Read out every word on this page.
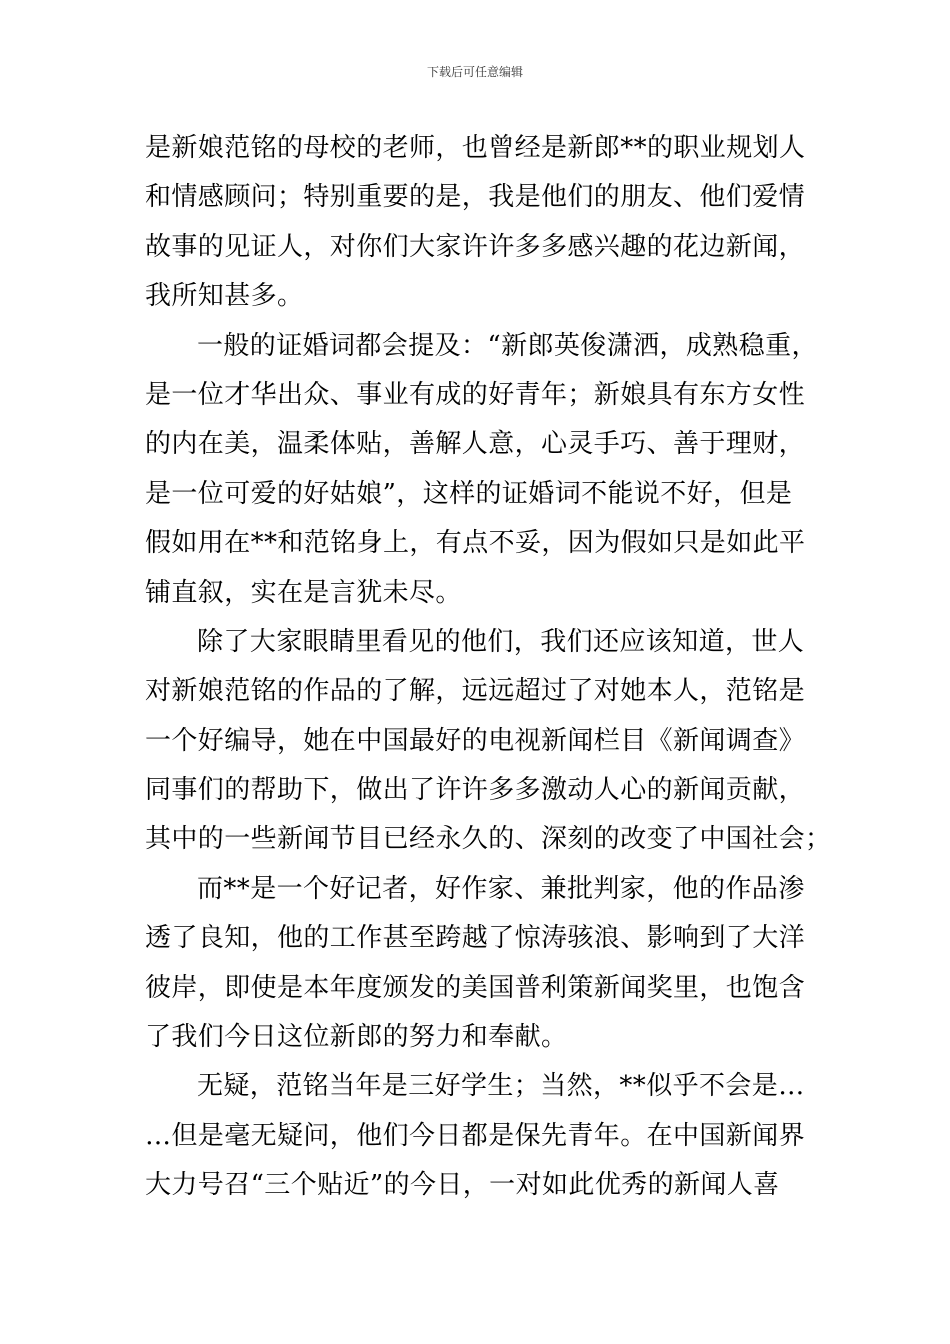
下载后可任意编辑
是新娘范铭的母校的老师，也曾经是新郎**的职业规划人
和情感顾问；特别重要的是，我是他们的朋友、他们爱情
故事的见证人，对你们大家许许多多感兴趣的花边新闻，
我所知甚多。
一般的证婚词都会提及：“新郎英俊潇洒，成熟稳重，
是一位才华出众、事业有成的好青年；新娘具有东方女性
的内在美，温柔体贴，善解人意，心灵手巧、善于理财，
是一位可爱的好姑娘”，这样的证婚词不能说不好，但是
假如用在**和范铭身上，有点不妥，因为假如只是如此平
铺直叙，实在是言犹未尽。
除了大家眼睛里看见的他们，我们还应该知道，世人
对新娘范铭的作品的了解，远远超过了对她本人，范铭是
一个好编导，她在中国最好的电视新闻栏目《新闻调查》
同事们的帮助下，做出了许许多多激动人心的新闻贡献，
其中的一些新闻节目已经永久的、深刻的改变了中国社会；
而**是一个好记者，好作家、兼批判家，他的作品渗
透了良知，他的工作甚至跨越了惊涛骇浪、影响到了大洋
彼岸，即使是本年度颁发的美国普利策新闻奖里，也饱含
了我们今日这位新郎的努力和奉献。
无疑，范铭当年是三好学生；当然，**似乎不会是…
…但是毫无疑问，他们今日都是保先青年。在中国新闻界
大力号召“三个贴近”的今日，一对如此优秀的新闻人喜
